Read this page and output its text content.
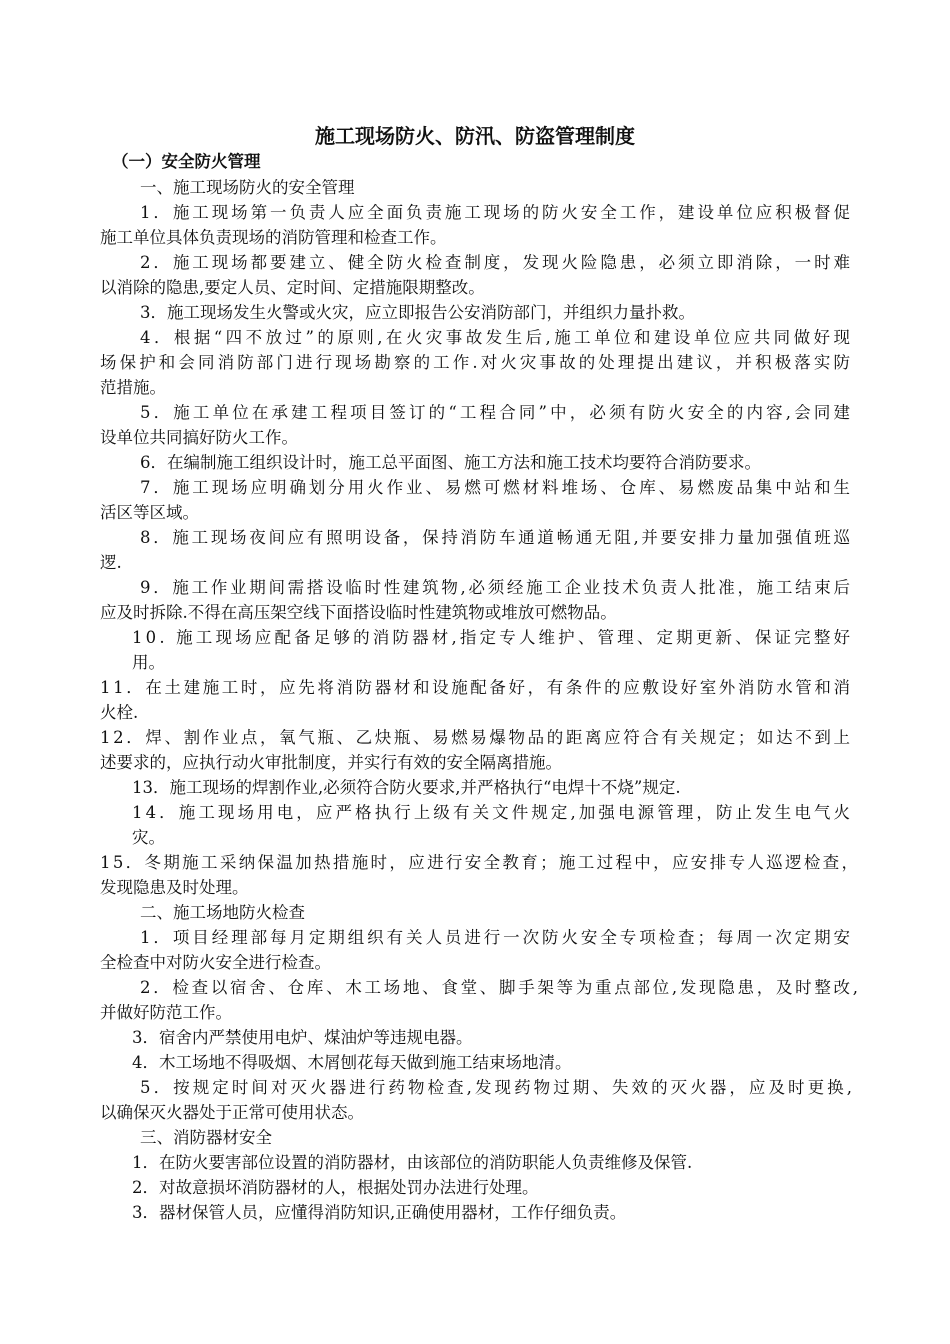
施工现场防火、防汛、防盗管理制度
（一）安全防火管理
一、施工现场防火的安全管理
1．施工现场第一负责人应全面负责施工现场的防火安全工作，建设单位应积极督促
施工单位具体负责现场的消防管理和检查工作。
2．施工现场都要建立、健全防火检查制度，发现火险隐患，必须立即消除，一时难
以消除的隐患,要定人员、定时间、定措施限期整改。
3．施工现场发生火警或火灾，应立即报告公安消防部门，并组织力量扑救。
4．根据“四不放过”的原则,在火灾事故发生后,施工单位和建设单位应共同做好现
场保护和会同消防部门进行现场勘察的工作.对火灾事故的处理提出建议，并积极落实防
范措施。
5．施工单位在承建工程项目签订的“工程合同”中，必须有防火安全的内容,会同建
设单位共同搞好防火工作。
6．在编制施工组织设计时，施工总平面图、施工方法和施工技术均要符合消防要求。
7．施工现场应明确划分用火作业、易燃可燃材料堆场、仓库、易燃废品集中站和生
活区等区域。
8．施工现场夜间应有照明设备，保持消防车通道畅通无阻,并要安排力量加强值班巡
逻.
9．施工作业期间需搭设临时性建筑物,必须经施工企业技术负责人批准，施工结束后
应及时拆除.不得在高压架空线下面搭设临时性建筑物或堆放可燃物品。
10. 施工现场应配备足够的消防器材,指定专人维护、管理、定期更新、保证完整好
用。
11．在土建施工时，应先将消防器材和设施配备好，有条件的应敷设好室外消防水管和消
火栓.
12．焊、割作业点，氧气瓶、乙炔瓶、易燃易爆物品的距离应符合有关规定；如达不到上
述要求的，应执行动火审批制度，并实行有效的安全隔离措施。
13．施工现场的焊割作业,必须符合防火要求,并严格执行“电焊十不烧”规定.
14．施工现场用电，应严格执行上级有关文件规定,加强电源管理，防止发生电气火
灾。
15．冬期施工采纳保温加热措施时，应进行安全教育；施工过程中，应安排专人巡逻检查，
发现隐患及时处理。
二、施工场地防火检查
1．项目经理部每月定期组织有关人员进行一次防火安全专项检查；每周一次定期安
全检查中对防火安全进行检查。
2．检查以宿舍、仓库、木工场地、食堂、脚手架等为重点部位,发现隐患，及时整改,
并做好防范工作。
3．宿舍内严禁使用电炉、煤油炉等违规电器。
4．木工场地不得吸烟、木屑刨花每天做到施工结束场地清。
5．按规定时间对灭火器进行药物检查,发现药物过期、失效的灭火器，应及时更换,
以确保灭火器处于正常可使用状态。
三、消防器材安全
1．在防火要害部位设置的消防器材，由该部位的消防职能人负责维修及保管.
2．对故意损坏消防器材的人，根据处罚办法进行处理。
3．器材保管人员，应懂得消防知识,正确使用器材，工作仔细负责。
